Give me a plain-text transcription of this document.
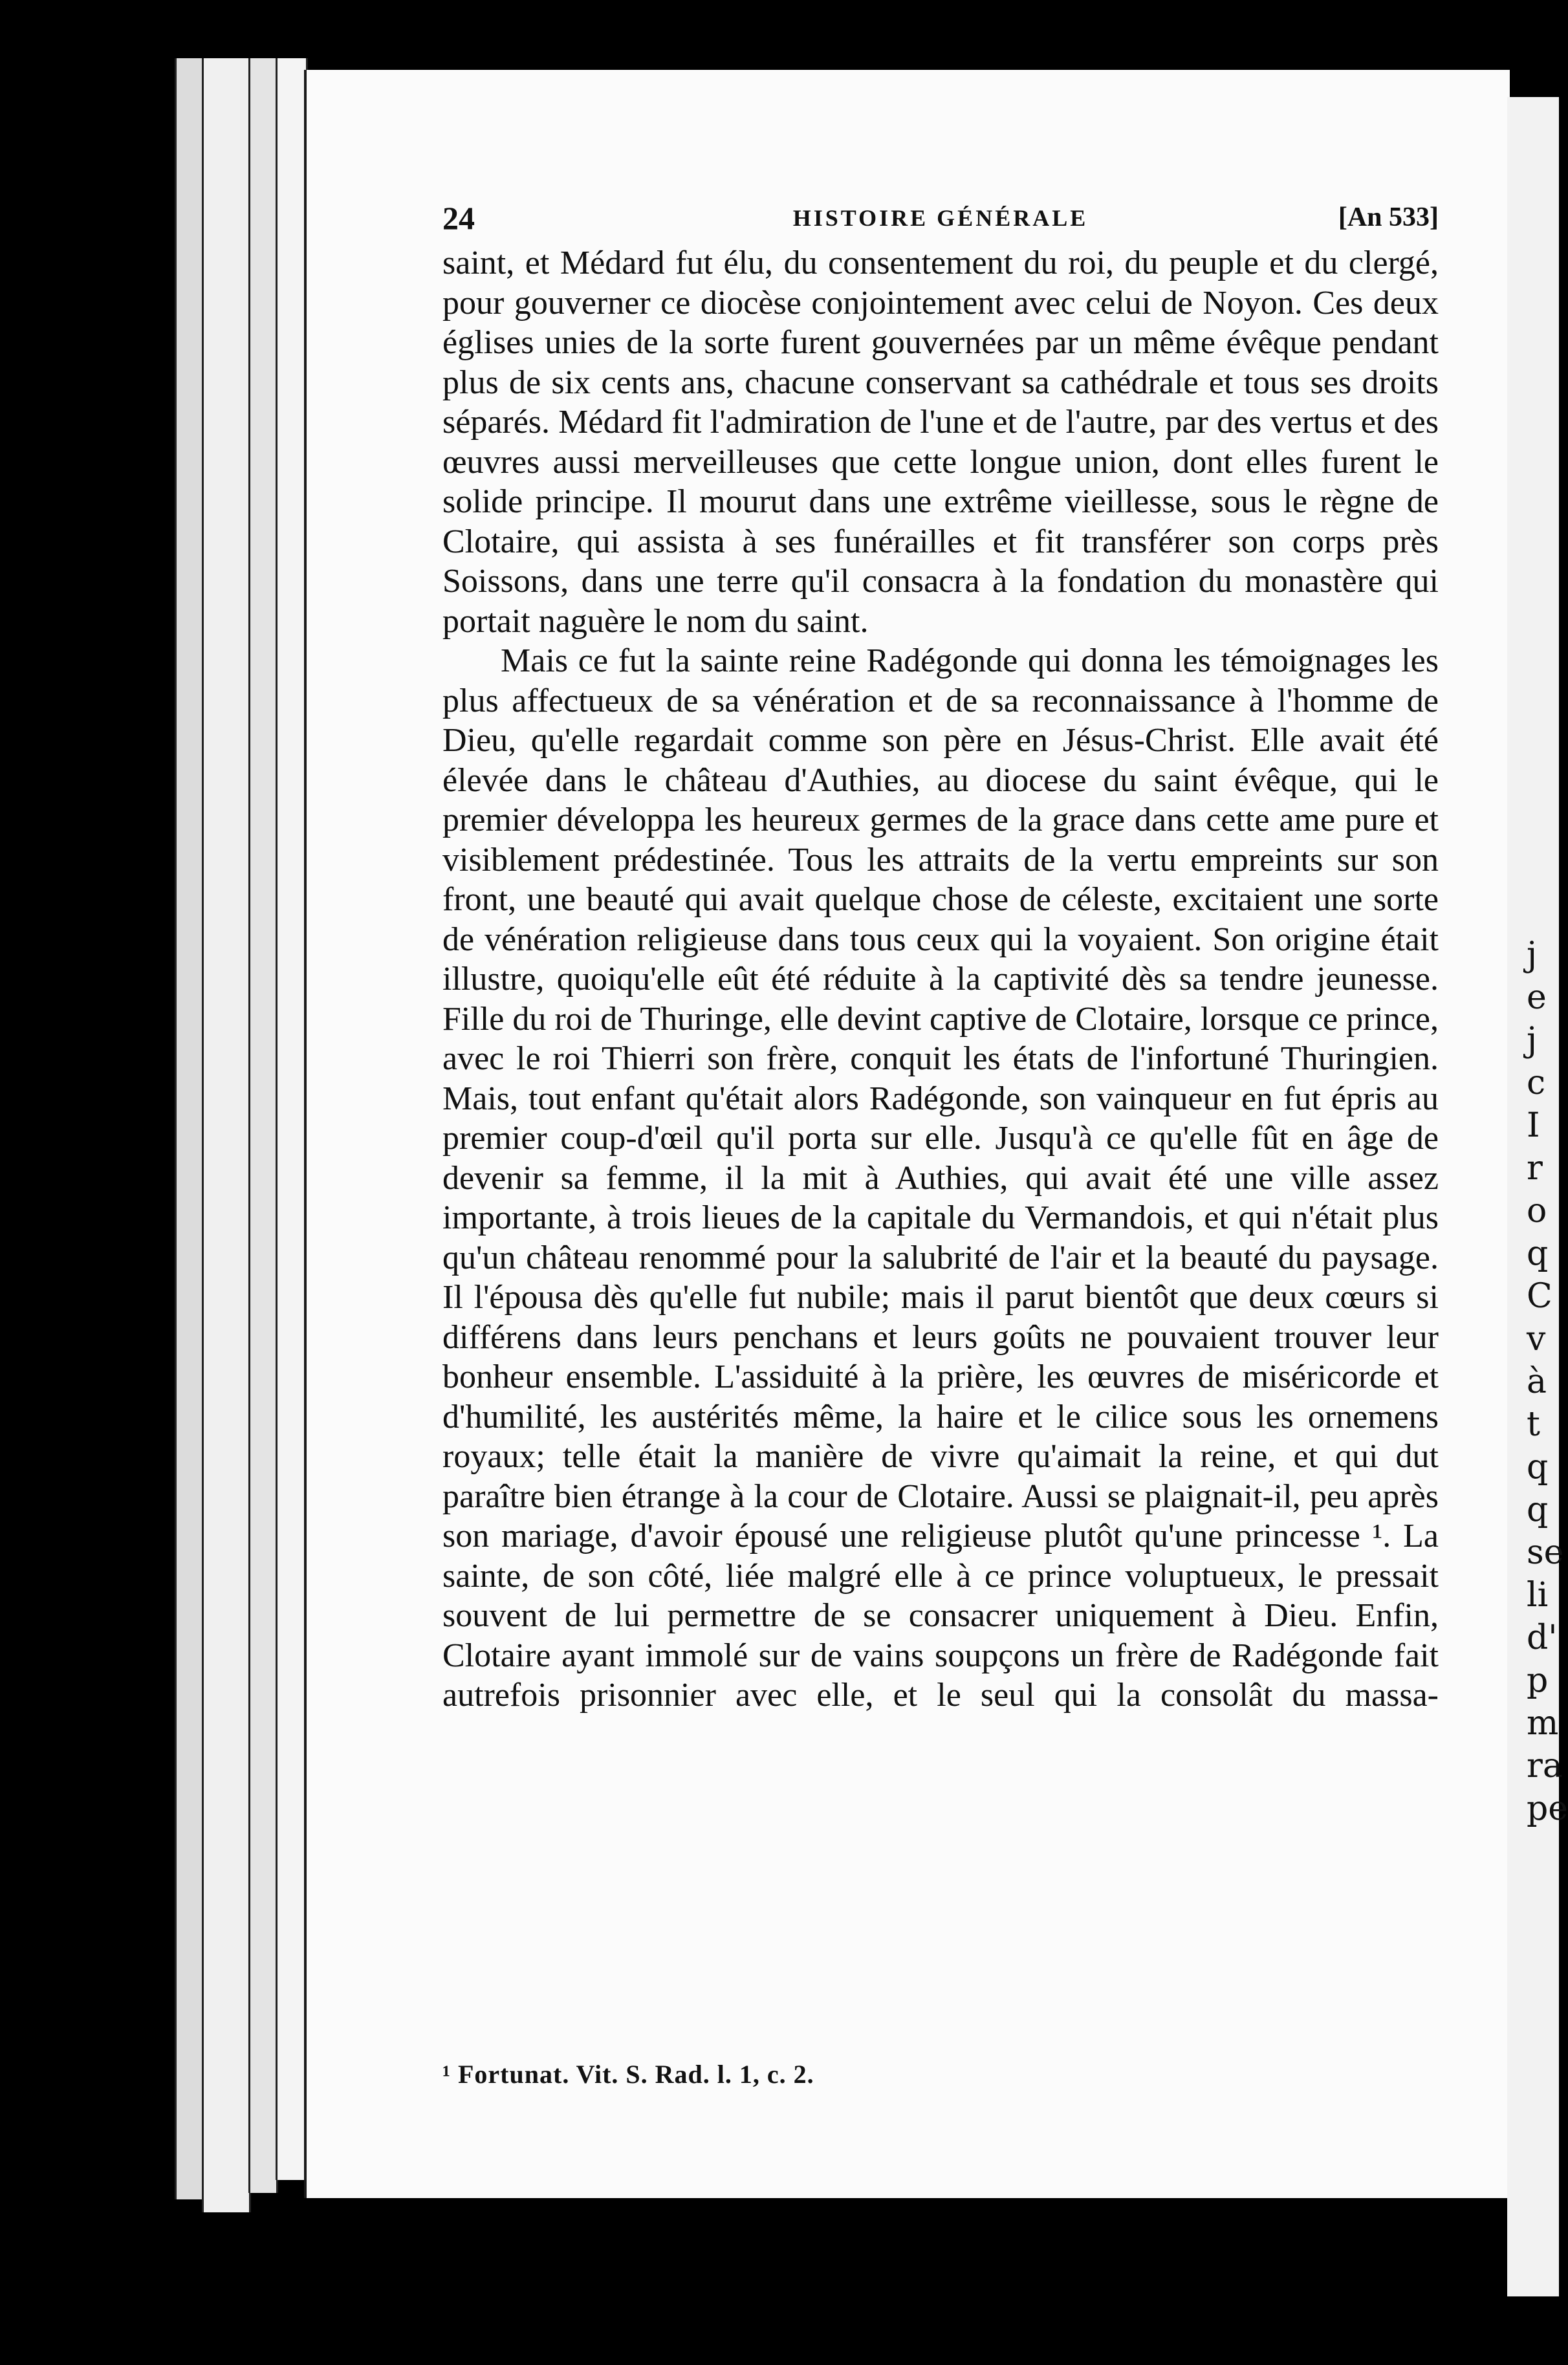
24	HISTOIRE GÉNÉRALE	[An 533]

saint, et Médard fut élu, du consentement du roi, du peuple et du clergé, pour gouverner ce diocèse conjointement avec celui de Noyon. Ces deux églises unies de la sorte furent gouvernées par un même évêque pendant plus de six cents ans, chacune conservant sa cathédrale et tous ses droits séparés. Médard fit l'admiration de l'une et de l'autre, par des vertus et des œuvres aussi merveilleuses que cette longue union, dont elles furent le solide principe. Il mourut dans une extrême vieillesse, sous le règne de Clotaire, qui assista à ses funérailles et fit transférer son corps près Soissons, dans une terre qu'il consacra à la fondation du monastère qui portait naguère le nom du saint.

Mais ce fut la sainte reine Radégonde qui donna les témoignages les plus affectueux de sa vénération et de sa reconnaissance à l'homme de Dieu, qu'elle regardait comme son père en Jésus-Christ. Elle avait été élevée dans le château d'Authies, au diocese du saint évêque, qui le premier développa les heureux germes de la grace dans cette ame pure et visiblement prédestinée. Tous les attraits de la vertu empreints sur son front, une beauté qui avait quelque chose de céleste, excitaient une sorte de vénération religieuse dans tous ceux qui la voyaient. Son origine était illustre, quoiqu'elle eût été réduite à la captivité dès sa tendre jeunesse. Fille du roi de Thuringe, elle devint captive de Clotaire, lorsque ce prince, avec le roi Thierri son frère, conquit les états de l'infortuné Thuringien. Mais, tout enfant qu'était alors Radégonde, son vainqueur en fut épris au premier coup-d'œil qu'il porta sur elle. Jusqu'à ce qu'elle fût en âge de devenir sa femme, il la mit à Authies, qui avait été une ville assez importante, à trois lieues de la capitale du Vermandois, et qui n'était plus qu'un château renommé pour la salubrité de l'air et la beauté du paysage. Il l'épousa dès qu'elle fut nubile; mais il parut bientôt que deux cœurs si différens dans leurs penchans et leurs goûts ne pouvaient trouver leur bonheur ensemble. L'assiduité à la prière, les œuvres de miséricorde et d'humilité, les austérités même, la haire et le cilice sous les ornemens royaux; telle était la manière de vivre qu'aimait la reine, et qui dut paraître bien étrange à la cour de Clotaire. Aussi se plaignait-il, peu après son mariage, d'avoir épousé une religieuse plutôt qu'une princesse ¹. La sainte, de son côté, liée malgré elle à ce prince voluptueux, le pressait souvent de lui permettre de se consacrer uniquement à Dieu. Enfin, Clotaire ayant immolé sur de vains soupçons un frère de Radégonde fait autrefois prisonnier avec elle, et le seul qui la consolât du massa-

¹ Fortunat. Vit. S. Rad. l. 1, c. 2.
j
e
j
c
I
r
o
q
C
v
à
t
q
q
se
li
d'
p
m
ra
pe
